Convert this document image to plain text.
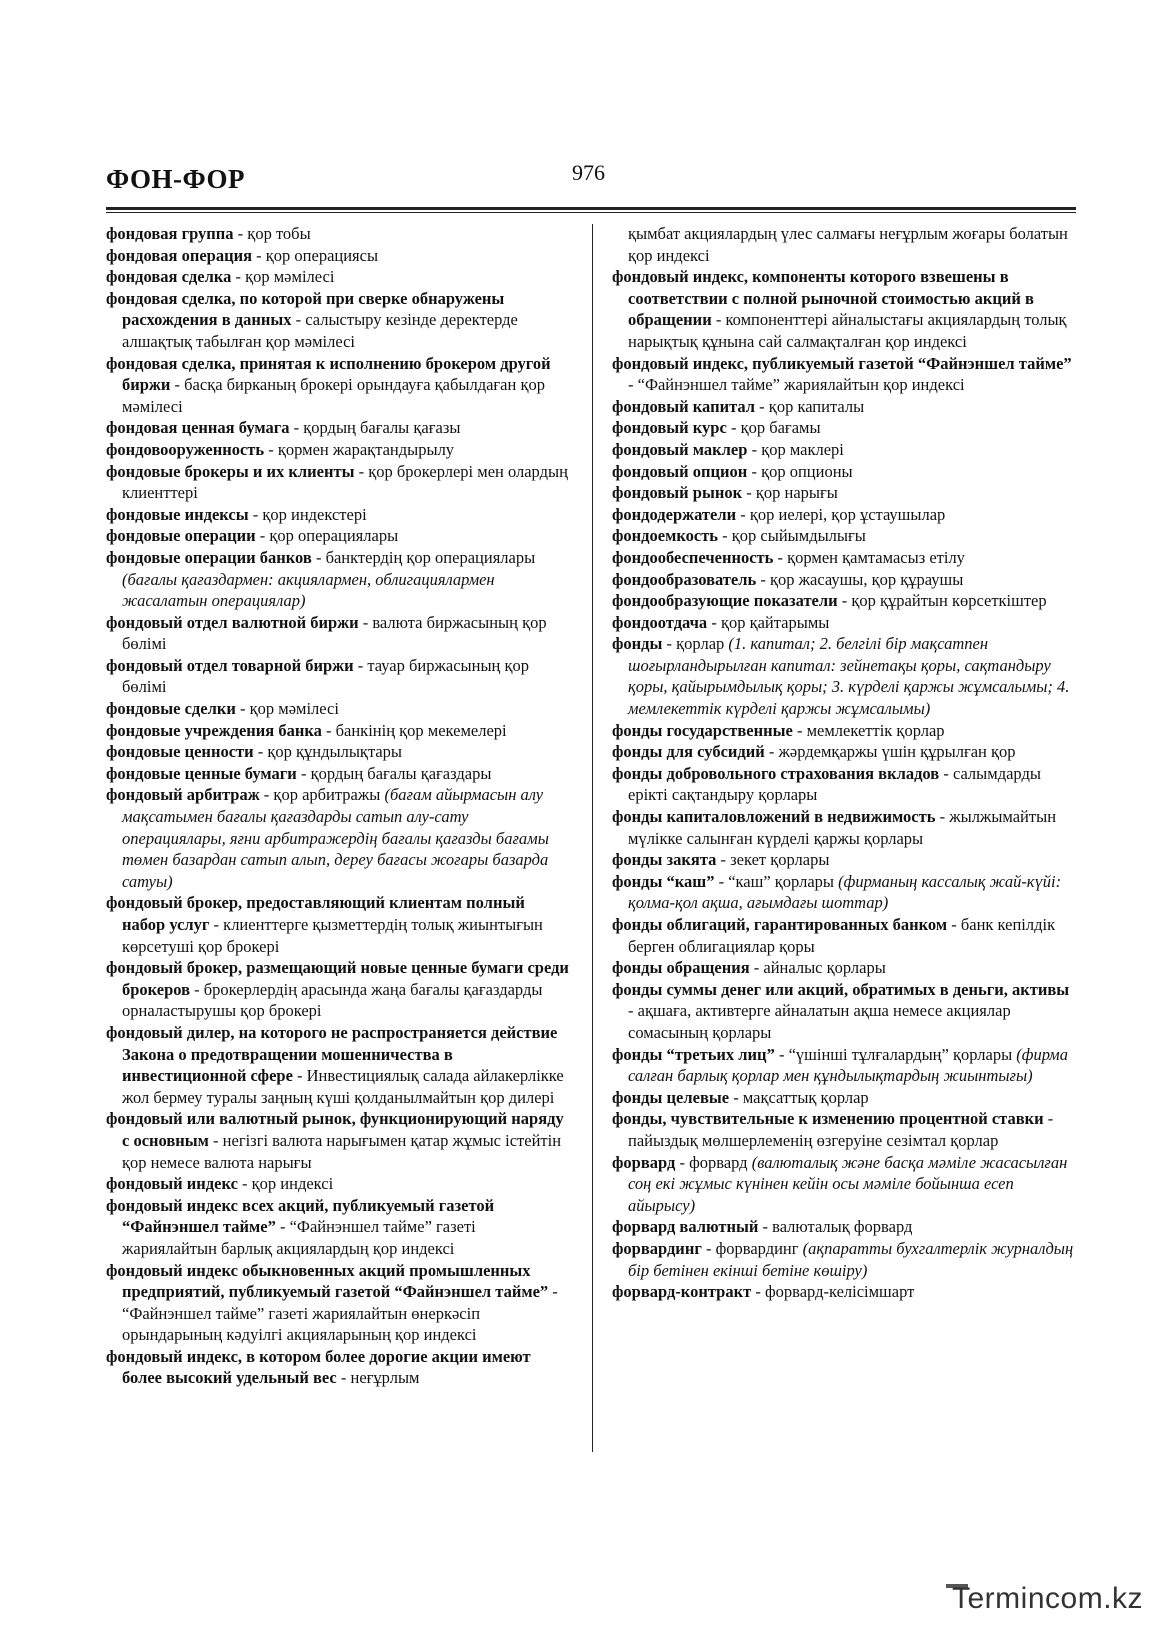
ФОН-ФОР	976

фондовая группа - қор тобы

фондовая операция - қор операциясы

фондовая сделка - қор мәмілесі

фондовая сделка, по которой при сверке обнаружены расхождения в данных - салыстыру кезінде деректерде алшақтық табылған қор мәмілесі

фондовая сделка, принятая к исполнению брокером другой биржи - басқа бирканың брокері орындауға қабылдаған қор мәмілесі

фондовая ценная бумага - қордың бағалы қағазы

фондовооруженность - қормен жарақтандырылу

фондовые брокеры и их клиенты - қор брокерлері мен олардың клиенттері

фондовые индексы - қор индекстері

фондовые операции - қор операциялары

фондовые операции банков - банктердің қор операциялары (бағалы қағаздармен: акциялармен, облигациялармен жасалатын операциялар)

фондовый отдел валютной биржи - валюта биржасының қор бөлімі

фондовый отдел товарной биржи - тауар биржасының қор бөлімі

фондовые сделки - қор мәмілесі

фондовые учреждения банка - банкінің қор мекемелері

фондовые ценности - қор құндылықтары

фондовые ценные бумаги - қордың бағалы қағаздары

фондовый арбитраж - қор арбитражы (бағам айырмасын алу мақсатымен бағалы қағаздарды сатып алу-сату операциялары, яғни арбитражердің бағалы қағазды бағамы төмен базардан сатып алып, дереу бағасы жоғары базарда сатуы)

фондовый брокер, предоставляющий клиентам полный набор услуг - клиенттерге қызметтердің толық жиынтығын көрсетуші қор брокері

фондовый брокер, размещающий новые ценные бумаги среди брокеров - брокерлердің арасында жаңа бағалы қағаздарды орналастырушы қор брокері

фондовый дилер, на которого не распространяется действие Закона о предотвращении мошенничества в инвестиционной сфере - Инвестициялық салада айлакерлікке жол бермеу туралы заңның күші қолданылмайтын қор дилері

фондовый или валютный рынок, функционирующий наряду с основным - негізгі валюта нарығымен қатар жұмыс істейтін қор немесе валюта нарығы

фондовый индекс - қор индексі

фондовый индекс всех акций, публикуемый газетой “Файнэншел тайме” - “Файнэншел тайме” газеті жариялайтын барлық акциялардың қор индексі

фондовый индекс обыкновенных акций промышленных предприятий, публикуемый газетой “Файнэншел тайме” - “Файнэншел тайме” газеті жариялайтын өнеркәсіп орындарының кәдуілгі акцияларының қор индексі

фондовый индекс, в котором более дорогие акции имеют более высокий удельный вес - неғұрлым

қымбат акциялардың үлес салмағы неғұрлым жоғары болатын қор индексі

фондовый индекс, компоненты которого взвешены в соответствии с полной рыночной стоимостью акций в обращении - компоненттері айналыстағы акциялардың толық нарықтық құнына сай салмақталған қор индексі

фондовый индекс, публикуемый газетой “Файнэншел тайме” - “Файнэншел тайме” жариялайтын қор индексі

фондовый капитал - қор капиталы

фондовый курс - қор бағамы

фондовый маклер - қор маклері

фондовый опцион - қор опционы

фондовый рынок - қор нарығы

фондодержатели - қор иелері, қор ұстаушылар

фондоемкость - қор сыйымдылығы

фондообеспеченность - қормен қамтамасыз етілу

фондообразователь - қор жасаушы, қор құраушы

фондообразующие показатели - қор құрайтын көрсеткіштер

фондоотдача - қор қайтарымы

фонды - қорлар (1. капитал; 2. белгілі бір мақсатпен шоғырландырылған капитал: зейнетақы қоры, сақтандыру қоры, қайырымдылық қоры; 3. күрделі қаржы жұмсалымы; 4. мемлекеттік күрделі қаржы жұмсалымы)

фонды государственные - мемлекеттік қорлар

фонды для субсидий - жәрдемқаржы үшін құрылған қор

фонды добровольного страхования вкладов - салымдарды ерікті сақтандыру қорлары

фонды капиталовложений в недвижимость - жылжымайтын мүлікке салынған күрделі қаржы қорлары

фонды закята - зекет қорлары

фонды “каш” - “каш” қорлары (фирманың кассалық жай-күйі: қолма-қол ақша, ағымдағы шоттар)

фонды облигаций, гарантированных банком - банк кепілдік берген облигациялар қоры

фонды обращения - айналыс қорлары

фонды суммы денег или акций, обратимых в деньги, активы - ақшаға, активтерге айналатын ақша немесе акциялар сомасының қорлары

фонды “третьих лиц” - “үшінші тұлғалардың” қорлары (фирма салған барлық қорлар мен құндылықтардың жиынтығы)

фонды целевые - мақсаттық қорлар

фонды, чувствительные к изменению процентной ставки - пайыздық мөлшерлеменің өзгеруіне сезімтал қорлар

форвард - форвард (валюталық және басқа мәміле жасасылған соң екі жұмыс күнінен кейін осы мәміле бойынша есеп айырысу)

форвард валютный - валюталық форвард

форвардинг - форвардинг (ақпаратты бухгалтерлік журналдың бір бетінен екінші бетіне көшіру)

форвард-контракт - форвард-келісімшарт

Termincom.kz
